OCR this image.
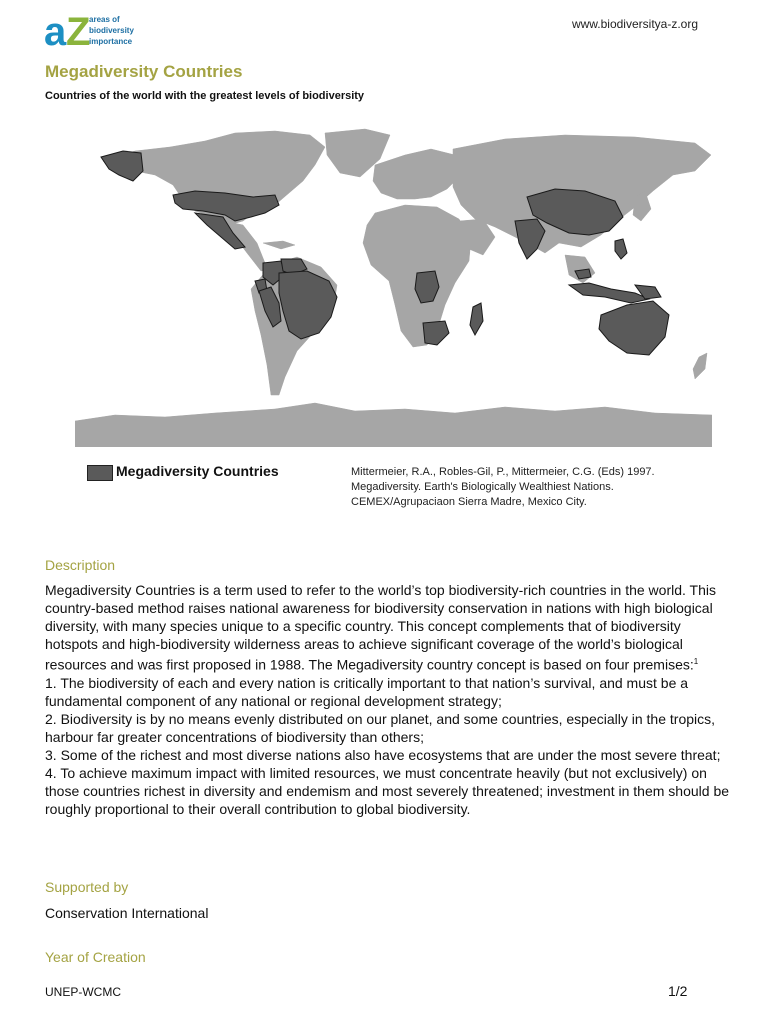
a Z
areas of
biodiversity
importance
www.biodiversitya-z.org
Megadiversity Countries
Countries of the world with the greatest levels of biodiversity
Megadiversity Countries	Mittermeier, R.A., Robles-Gil, P., Mittermeier, C.G. (Eds) 1997.
Megadiversity. Earth's Biologically Wealthiest Nations.
CEMEX/Agrupaciaon Sierra Madre, Mexico City.
Description

Megadiversity Countries is a term used to refer to the world’s top biodiversity-rich countries in the world. This country-based method raises national awareness for biodiversity conservation in nations with high biological diversity, with many species unique to a specific country. This concept complements that of biodiversity hotspots and high-biodiversity wilderness areas to achieve significant coverage of the world’s biological resources and was first proposed in 1988. The Megadiversity country concept is based on four premises:$^1$

1. The biodiversity of each and every nation is critically important to that nation’s survival, and must be a fundamental component of any national or regional development strategy;

2. Biodiversity is by no means evenly distributed on our planet, and some countries, especially in the tropics, harbour far greater concentrations of biodiversity than others;

3. Some of the richest and most diverse nations also have ecosystems that are under the most severe threat;

4. To achieve maximum impact with limited resources, we must concentrate heavily (but not exclusively) on those countries richest in diversity and endemism and most severely threatened; investment in them should be roughly proportional to their overall contribution to global biodiversity.

Supported by
Conservation International
Year of Creation
UNEP-WCMC	1/2
